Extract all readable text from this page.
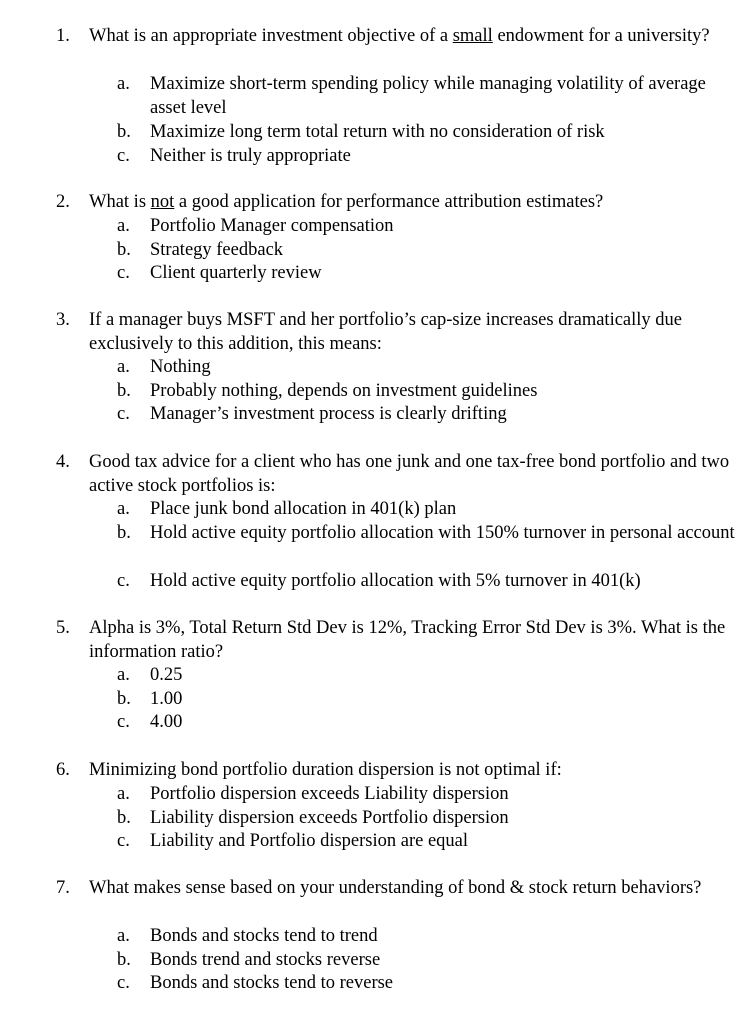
1. What is an appropriate investment objective of a small endowment for a university?
a. Maximize short-term spending policy while managing volatility of average asset level
b. Maximize long term total return with no consideration of risk
c. Neither is truly appropriate
2. What is not a good application for performance attribution estimates?
a. Portfolio Manager compensation
b. Strategy feedback
c. Client quarterly review
3. If a manager buys MSFT and her portfolio’s cap-size increases dramatically due exclusively to this addition, this means:
a. Nothing
b. Probably nothing, depends on investment guidelines
c. Manager’s investment process is clearly drifting
4. Good tax advice for a client who has one junk and one tax-free bond portfolio and two active stock portfolios is:
a. Place junk bond allocation in 401(k) plan
b. Hold active equity portfolio allocation with 150% turnover in personal account
c. Hold active equity portfolio allocation with 5% turnover in 401(k)
5. Alpha is 3%, Total Return Std Dev is 12%, Tracking Error Std Dev is 3%. What is the information ratio?
a. 0.25
b. 1.00
c. 4.00
6. Minimizing bond portfolio duration dispersion is not optimal if:
a. Portfolio dispersion exceeds Liability dispersion
b. Liability dispersion exceeds Portfolio dispersion
c. Liability and Portfolio dispersion are equal
7. What makes sense based on your understanding of bond & stock return behaviors?
a. Bonds and stocks tend to trend
b. Bonds trend and stocks reverse
c. Bonds and stocks tend to reverse
